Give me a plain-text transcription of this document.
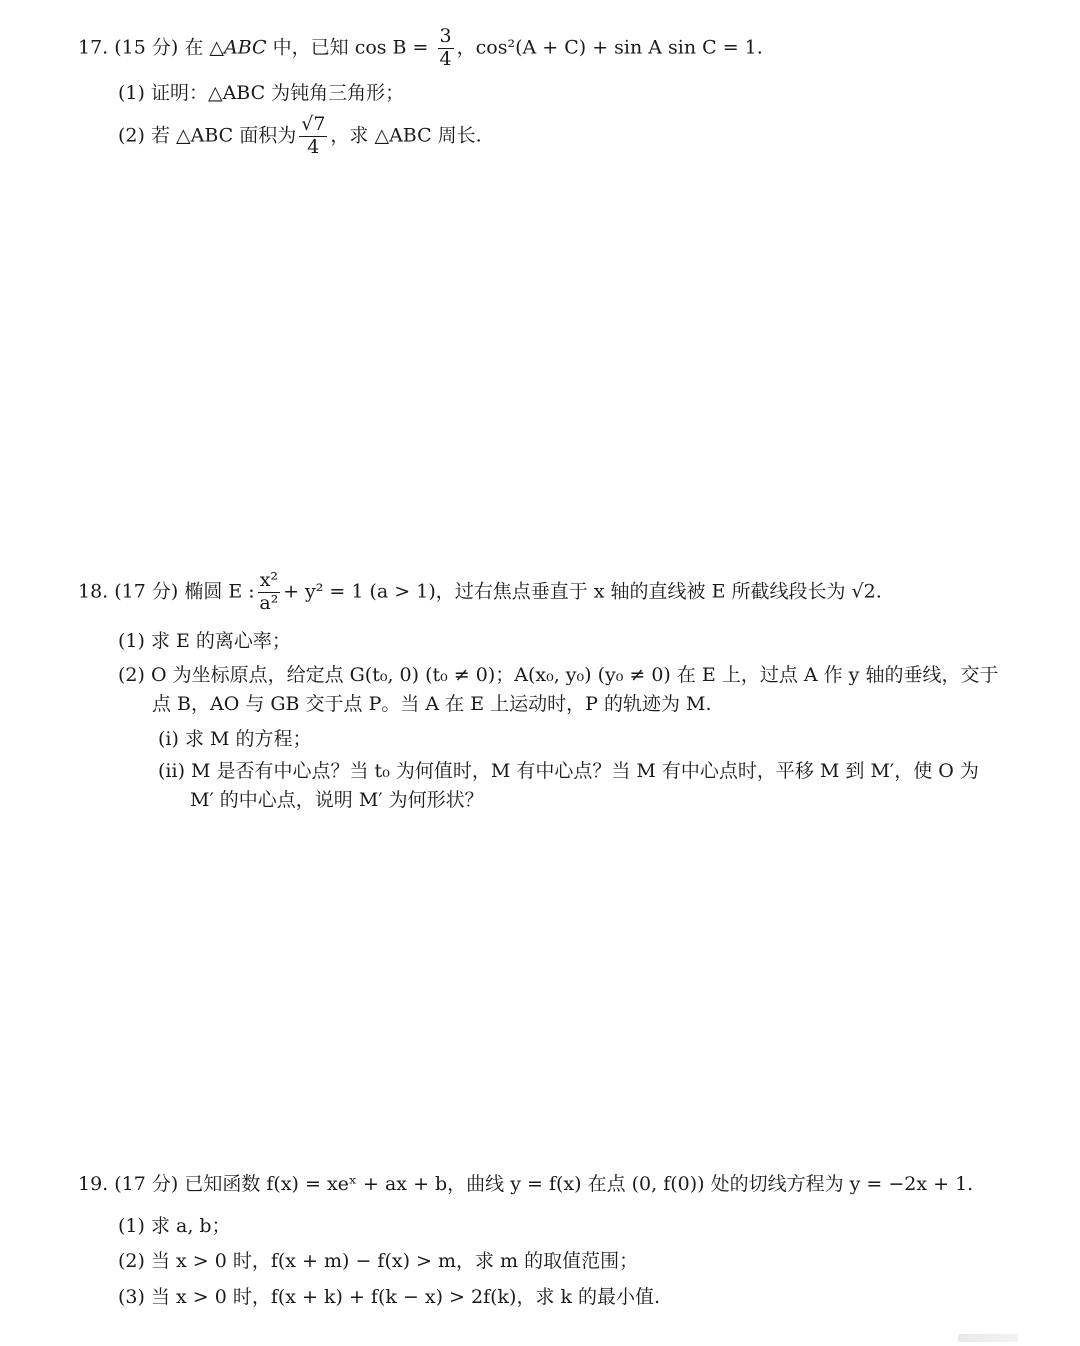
17. (15 分) 在 △ABC 中，已知 $\cos B = \frac{3}{4}$ ，cos²(A + C) + sin A sin C = 1.
(1) 证明：△ABC 为钝角三角形；
(2) 若 △ABC 面积为 $\frac{√7}{4}$ ，求 △ABC 周长.
18. (17 分) 椭圆 E : $\frac{\text{x²}}{\text{a²}} + y^2 = 1$ (a > 1)，过右焦点垂直于 x 轴的直线被 E 所截线段长为 √2.
(1) 求 E 的离心率；
(2) O 为坐标原点，给定点 G(t₀, 0) (t₀ ≠ 0)；A(x₀, y₀) (y₀ ≠ 0) 在 E 上，过点 A 作 y 轴的垂线，交于
点 B，AO 与 GB 交于点 P。当 A 在 E 上运动时，P 的轨迹为 M.
(i) 求 M 的方程；
(ii) M 是否有中心点？当 t₀ 为何值时，M 有中心点？当 M 有中心点时，平移 M 到 M′，使 O 为
M′ 的中心点，说明 M′ 为何形状？
19. (17 分) 已知函数 f(x) = xeˣ + ax + b，曲线 y = f(x) 在点 (0, f(0)) 处的切线方程为 y = −2x + 1.
(1) 求 a, b；
(2) 当 x > 0 时，f(x + m) − f(x) > m，求 m 的取值范围；
(3) 当 x > 0 时，f(x + k) + f(k − x) > 2f(k)，求 k 的最小值.
